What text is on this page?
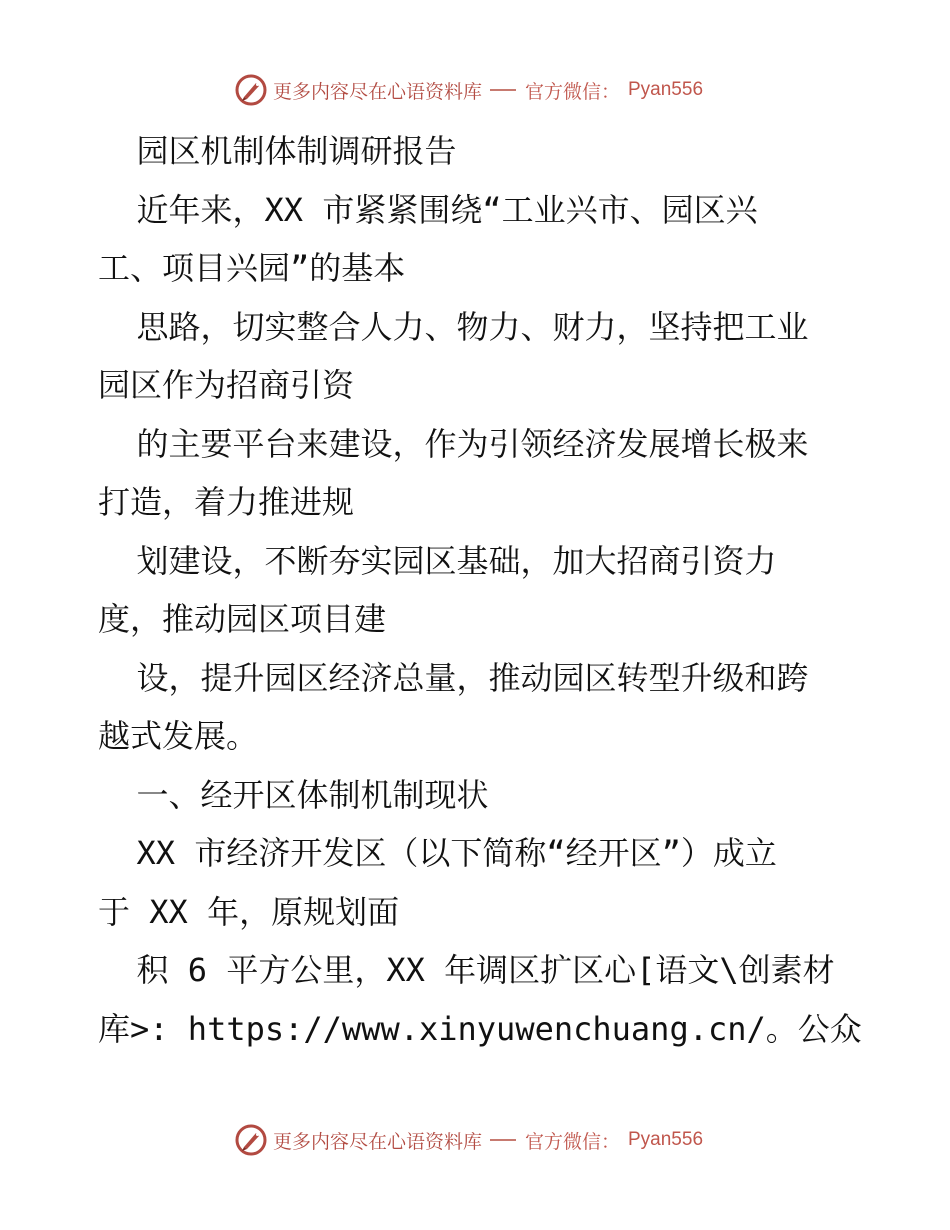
更多内容尽在心语资料库 官方微信： Pyan556
园区机制体制调研报告
近年来，XX 市紧紧围绕“工业兴市、园区兴
工、项目兴园”的基本
思路，切实整合人力、物力、财力，坚持把工业
园区作为招商引资
的主要平台来建设，作为引领经济发展增长极来
打造，着力推进规
划建设，不断夯实园区基础，加大招商引资力
度，推动园区项目建
设，提升园区经济总量，推动园区转型升级和跨
越式发展。
一、经开区体制机制现状
XX 市经济开发区（以下简称“经开区”）成立
于 XX 年，原规划面
积 6 平方公里，XX 年调区扩区心[语文\创素材
库>: https://www.xinyuwenchuang.cn/。公众
更多内容尽在心语资料库 官方微信： Pyan556
